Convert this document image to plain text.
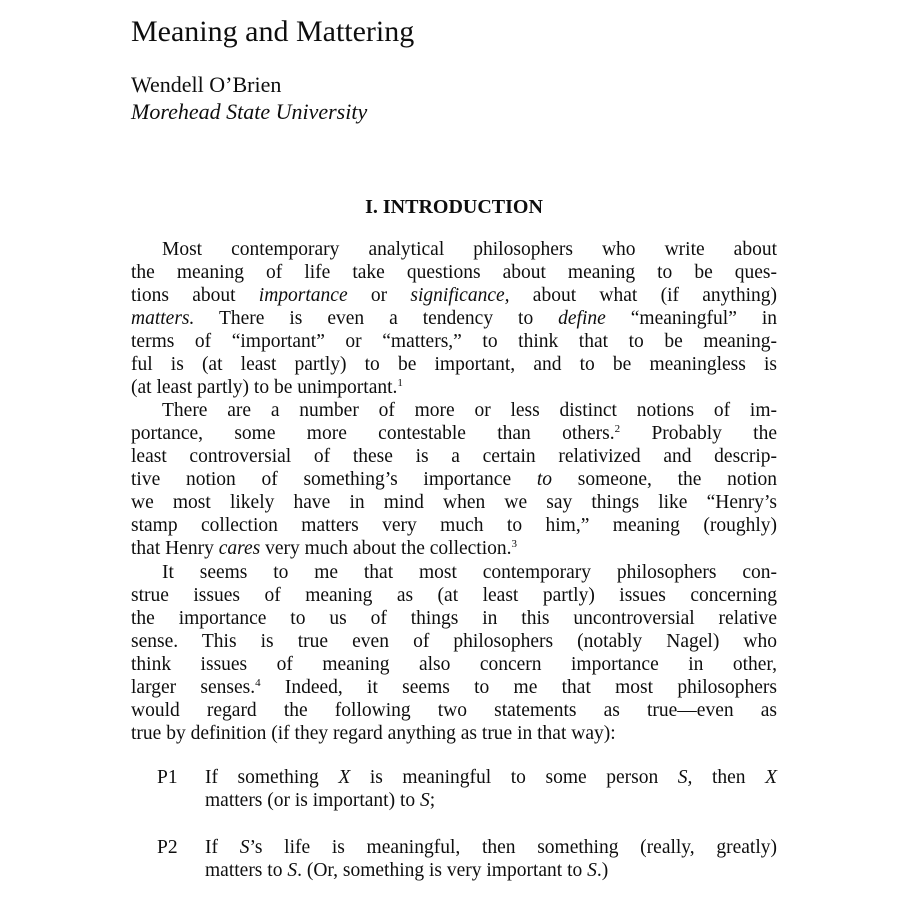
Meaning and Mattering
Wendell O’Brien
Morehead State University
I. INTRODUCTION
Most contemporary analytical philosophers who write about
the meaning of life take questions about meaning to be ques-
tions about importance or significance, about what (if anything)
matters. There is even a tendency to define “meaningful” in
terms of “important” or “matters,” to think that to be meaning-
ful is (at least partly) to be important, and to be meaningless is
(at least partly) to be unimportant.$^1$
There are a number of more or less distinct notions of im-
portance, some more contestable than others.$^2$ Probably the
least controversial of these is a certain relativized and descrip-
tive notion of something’s importance to someone, the notion
we most likely have in mind when we say things like “Henry’s
stamp collection matters very much to him,” meaning (roughly)
that Henry cares very much about the collection.$^3$
It seems to me that most contemporary philosophers con-
strue issues of meaning as (at least partly) issues concerning
the importance to us of things in this uncontroversial relative
sense. This is true even of philosophers (notably Nagel) who
think issues of meaning also concern importance in other,
larger senses.$^4$ Indeed, it seems to me that most philosophers
would regard the following two statements as true—even as
true by definition (if they regard anything as true in that way):
P1 If something X is meaningful to some person S, then X
matters (or is important) to S;
P2 If S’s life is meaningful, then something (really, greatly)
matters to S. (Or, something is very important to S.)
